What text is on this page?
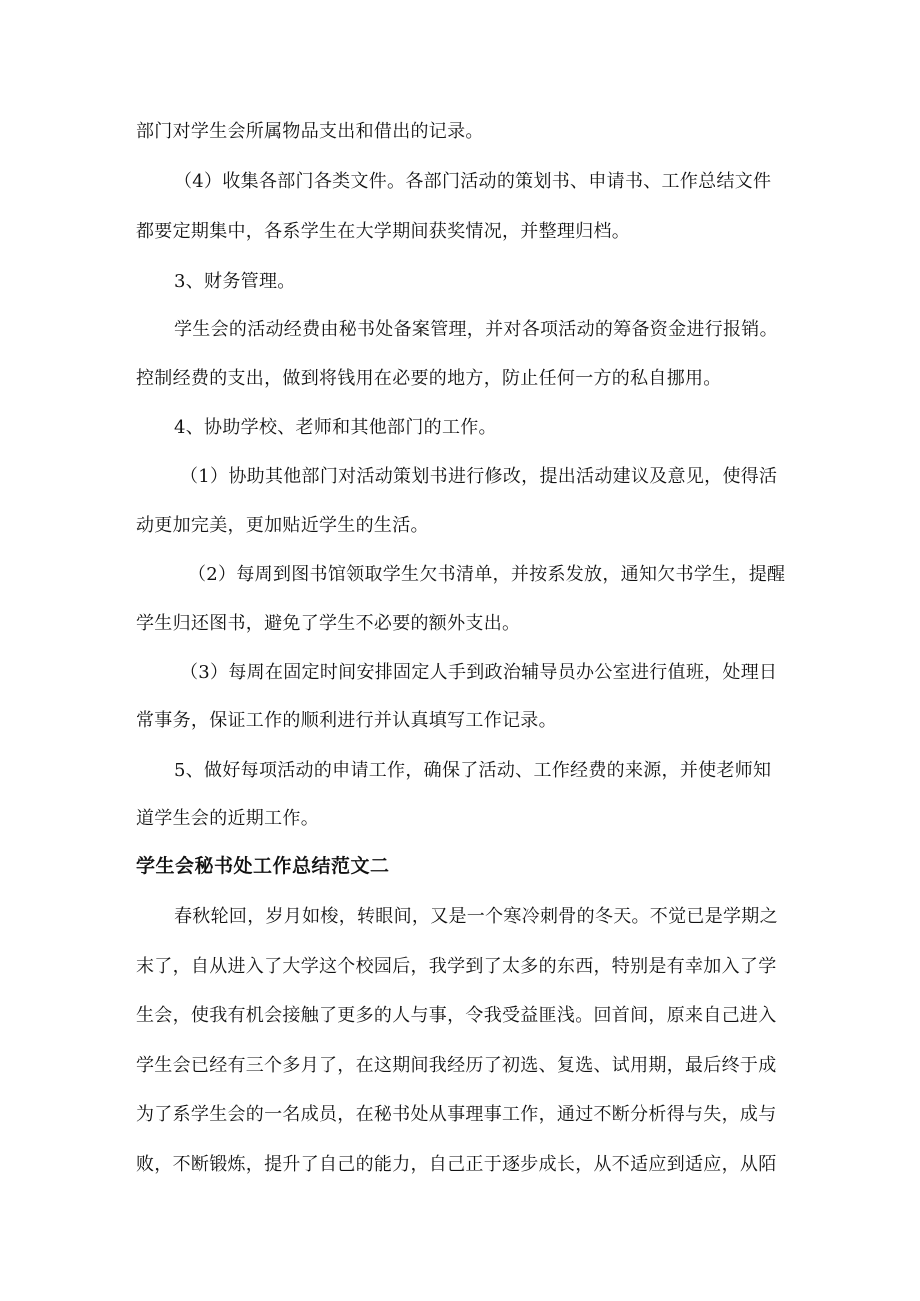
部门对学生会所属物品支出和借出的记录。
（4）收集各部门各类文件。各部门活动的策划书、申请书、工作总结文件
都要定期集中，各系学生在大学期间获奖情况，并整理归档。
3、财务管理。
学生会的活动经费由秘书处备案管理，并对各项活动的筹备资金进行报销。
控制经费的支出，做到将钱用在必要的地方，防止任何一方的私自挪用。
4、协助学校、老师和其他部门的工作。
（1）协助其他部门对活动策划书进行修改，提出活动建议及意见，使得活
动更加完美，更加贴近学生的生活。
（2）每周到图书馆领取学生欠书清单，并按系发放，通知欠书学生，提醒
学生归还图书，避免了学生不必要的额外支出。
（3）每周在固定时间安排固定人手到政治辅导员办公室进行值班，处理日
常事务，保证工作的顺利进行并认真填写工作记录。
5、做好每项活动的申请工作，确保了活动、工作经费的来源，并使老师知
道学生会的近期工作。
学生会秘书处工作总结范文二
春秋轮回，岁月如梭，转眼间，又是一个寒冷刺骨的冬天。不觉已是学期之
末了，自从进入了大学这个校园后，我学到了太多的东西，特别是有幸加入了学
生会，使我有机会接触了更多的人与事，令我受益匪浅。回首间，原来自己进入
学生会已经有三个多月了，在这期间我经历了初选、复选、试用期，最后终于成
为了系学生会的一名成员，在秘书处从事理事工作，通过不断分析得与失，成与
败，不断锻炼，提升了自己的能力，自己正于逐步成长，从不适应到适应，从陌
